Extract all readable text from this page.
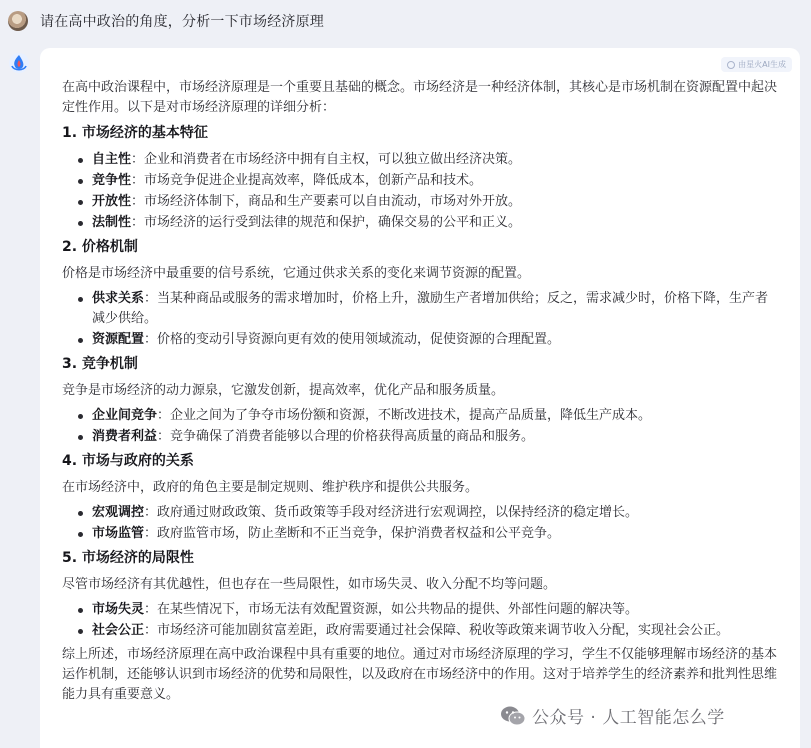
请在高中政治的角度，分析一下市场经济原理
由星火AI生成

在高中政治课程中，市场经济原理是一个重要且基础的概念。市场经济是一种经济体制，其核心是市场机制在资源配置中起决定性作用。以下是对市场经济原理的详细分析：

1. 市场经济的基本特征
自主性：企业和消费者在市场经济中拥有自主权，可以独立做出经济决策。
竞争性：市场竞争促进企业提高效率，降低成本，创新产品和技术。
开放性：市场经济体制下，商品和生产要素可以自由流动，市场对外开放。
法制性：市场经济的运行受到法律的规范和保护，确保交易的公平和正义。
2. 价格机制

价格是市场经济中最重要的信号系统，它通过供求关系的变化来调节资源的配置。

供求关系：当某种商品或服务的需求增加时，价格上升，激励生产者增加供给；反之，需求减少时，价格下降，生产者减少供给。
资源配置：价格的变动引导资源向更有效的使用领域流动，促使资源的合理配置。
3. 竞争机制

竞争是市场经济的动力源泉，它激发创新，提高效率，优化产品和服务质量。

企业间竞争：企业之间为了争夺市场份额和资源，不断改进技术，提高产品质量，降低生产成本。
消费者利益：竞争确保了消费者能够以合理的价格获得高质量的商品和服务。
4. 市场与政府的关系

在市场经济中，政府的角色主要是制定规则、维护秩序和提供公共服务。

宏观调控：政府通过财政政策、货币政策等手段对经济进行宏观调控，以保持经济的稳定增长。
市场监管：政府监管市场，防止垄断和不正当竞争，保护消费者权益和公平竞争。
5. 市场经济的局限性

尽管市场经济有其优越性，但也存在一些局限性，如市场失灵、收入分配不均等问题。

市场失灵：在某些情况下，市场无法有效配置资源，如公共物品的提供、外部性问题的解决等。
社会公正：市场经济可能加剧贫富差距，政府需要通过社会保障、税收等政策来调节收入分配，实现社会公正。

综上所述，市场经济原理在高中政治课程中具有重要的地位。通过对市场经济原理的学习，学生不仅能够理解市场经济的基本运作机制，还能够认识到市场经济的优势和局限性，以及政府在市场经济中的作用。这对于培养学生的经济素养和批判性思维能力具有重要意义。

公众号 · 人工智能怎么学
